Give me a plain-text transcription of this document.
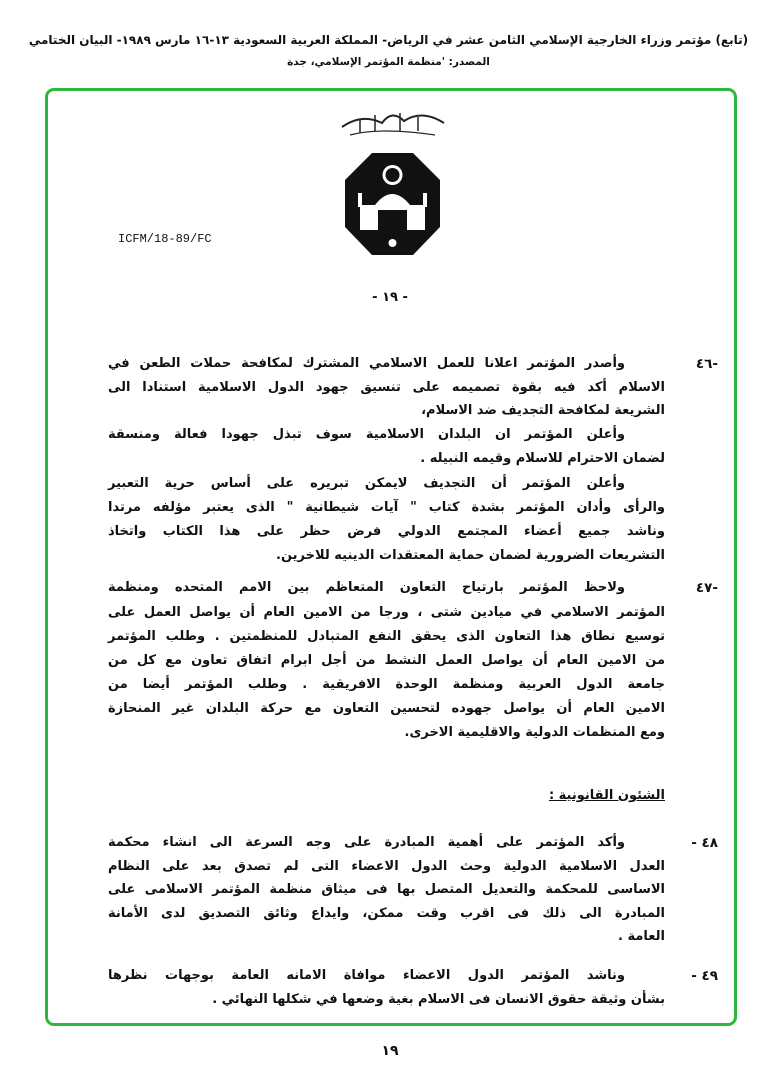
(تابع) مؤتمر وزراء الخارجية الإسلامي الثامن عشر في الرياض- المملكة العربية السعودية ١٣-١٦ مارس ١٩٨٩- البيان الختامي
المصدر: 'منظمة المؤتمر الإسلامي، جدة
ICFM/18-89/FC
- ١٩ -
-٤٦
وأصدر المؤتمر اعلانا للعمل الاسلامي المشترك لمكافحة حملات الطعن في
الاسلام أكد فيه بقوة تصميمه على تنسيق جهود الدول الاسلامية استنادا الى
الشريعة لمكافحة التجديف ضد الاسلام،
وأعلن المؤتمر ان البلدان الاسلامية سوف تبذل جهودا فعالة ومنسقة
لضمان الاحترام للاسلام وقيمه النبيله .
وأعلن المؤتمر أن التجديف لايمكن تبريره على أساس حرية التعبير
والرأى وأدان المؤتمر بشدة كتاب " آيات شيطانية " الذى يعتبر مؤلفه مرتدا
وناشد جميع أعضاء المجتمع الدولي فرض حظر على هذا الكتاب واتخاذ
التشريعات الضرورية لضمان حماية المعتقدات الدينيه للاخرين.
-٤٧
ولاحظ المؤتمر بارتياح التعاون المتعاظم بين الامم المتحده ومنظمة
المؤتمر الاسلامي في ميادين شتى ، ورجا من الامين العام أن يواصل العمل على
توسيع نطاق هذا التعاون الذى يحقق النفع المتبادل للمنظمتين . وطلب المؤتمر
من الامين العام أن يواصل العمل النشط من أجل ابرام اتفاق تعاون مع كل من
جامعة الدول العربية ومنظمة الوحدة الافريقية . وطلب المؤتمر أيضا من
الامين العام أن يواصل جهوده لتحسين التعاون مع حركة البلدان غير المنحازة
ومع المنظمات الدولية والاقليمية الاخرى.
٤٨ -
وأكد المؤتمر على أهمية المبادرة على وجه السرعة الى انشاء محكمة
العدل الاسلامية الدولية وحث الدول الاعضاء التى لم تصدق بعد على النظام
الاساسى للمحكمة والتعديل المتصل بها فى ميثاق منظمة المؤتمر الاسلامى على
المبادرة الى ذلك فى اقرب وقت ممكن، وايداع وثائق التصديق لدى الأمانة
العامة .
٤٩ -
وناشد المؤتمر الدول الاعضاء موافاة الامانه العامة بوجهات نظرها
بشأن وثيقة حقوق الانسان فى الاسلام بغية وضعها في شكلها النهائي .
الشئون القانونية :
١٩
